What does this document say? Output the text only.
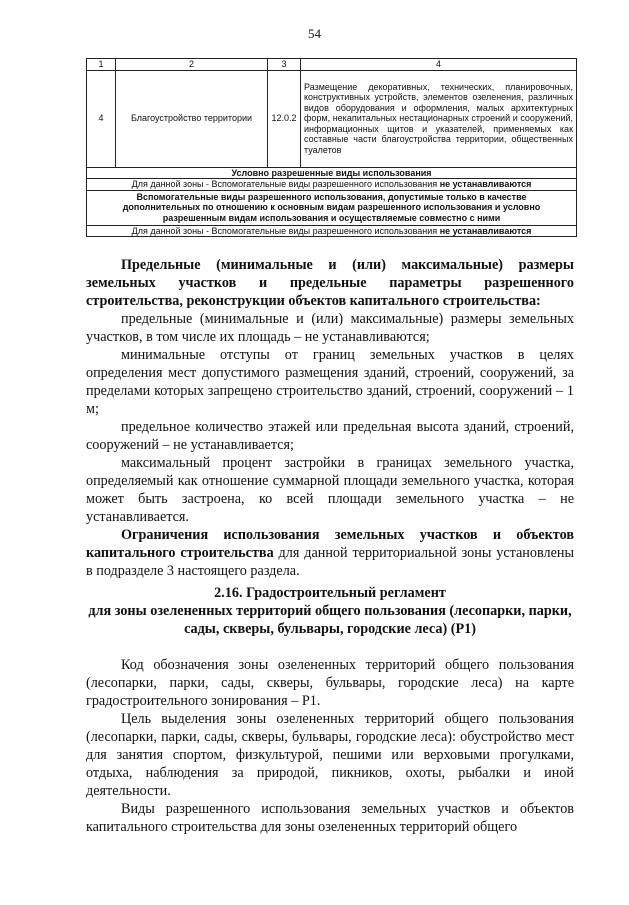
54
1	2	3	4
4	Благоустройство территории	12.0.2	Размещение декоративных, технических, планировочных, конструктивных устройств, элементов озеленения, различных видов оборудования и оформления, малых архитектурных форм, некапитальных нестационарных строений и сооружений, информационных щитов и указателей, применяемых как составные части благоустройства территории, общественных туалетов
Условно разрешенные виды использования			
Для данной зоны - Вспомогательные виды разрешенного использования не устанавливаются			
Вспомогательные виды разрешенного использования, допустимые только в качестве дополнительных по отношению к основным видам разрешенного использования и условно разрешенным видам использования и осуществляемые совместно с ними			
Для данной зоны - Вспомогательные виды разрешенного использования не устанавливаются			

Предельные (минимальные и (или) максимальные) размеры земельных участков и предельные параметры разрешенного строительства, реконструкции объектов капитального строительства:

предельные (минимальные и (или) максимальные) размеры земельных участков, в том числе их площадь – не устанавливаются;

минимальные отступы от границ земельных участков в целях определения мест допустимого размещения зданий, строений, сооружений, за пределами которых запрещено строительство зданий, строений, сооружений – 1 м;

предельное количество этажей или предельная высота зданий, строений, сооружений – не устанавливается;

максимальный процент застройки в границах земельного участка, определяемый как отношение суммарной площади земельного участка, которая может быть застроена, ко всей площади земельного участка – не устанавливается.

Ограничения использования земельных участков и объектов капитального строительства для данной территориальной зоны установлены в подразделе 3 настоящего раздела.

2.16. Градостроительный регламент

для зоны озелененных территорий общего пользования (лесопарки, парки, сады, скверы, бульвары, городские леса) (Р1)

Код обозначения зоны озелененных территорий общего пользования (лесопарки, парки, сады, скверы, бульвары, городские леса) на карте градостроительного зонирования – Р1.

Цель выделения зоны озелененных территорий общего пользования (лесопарки, парки, сады, скверы, бульвары, городские леса): обустройство мест для занятия спортом, физкультурой, пешими или верховыми прогулками, отдыха, наблюдения за природой, пикников, охоты, рыбалки и иной деятельности.

Виды разрешенного использования земельных участков и объектов капитального строительства для зоны озелененных территорий общего
